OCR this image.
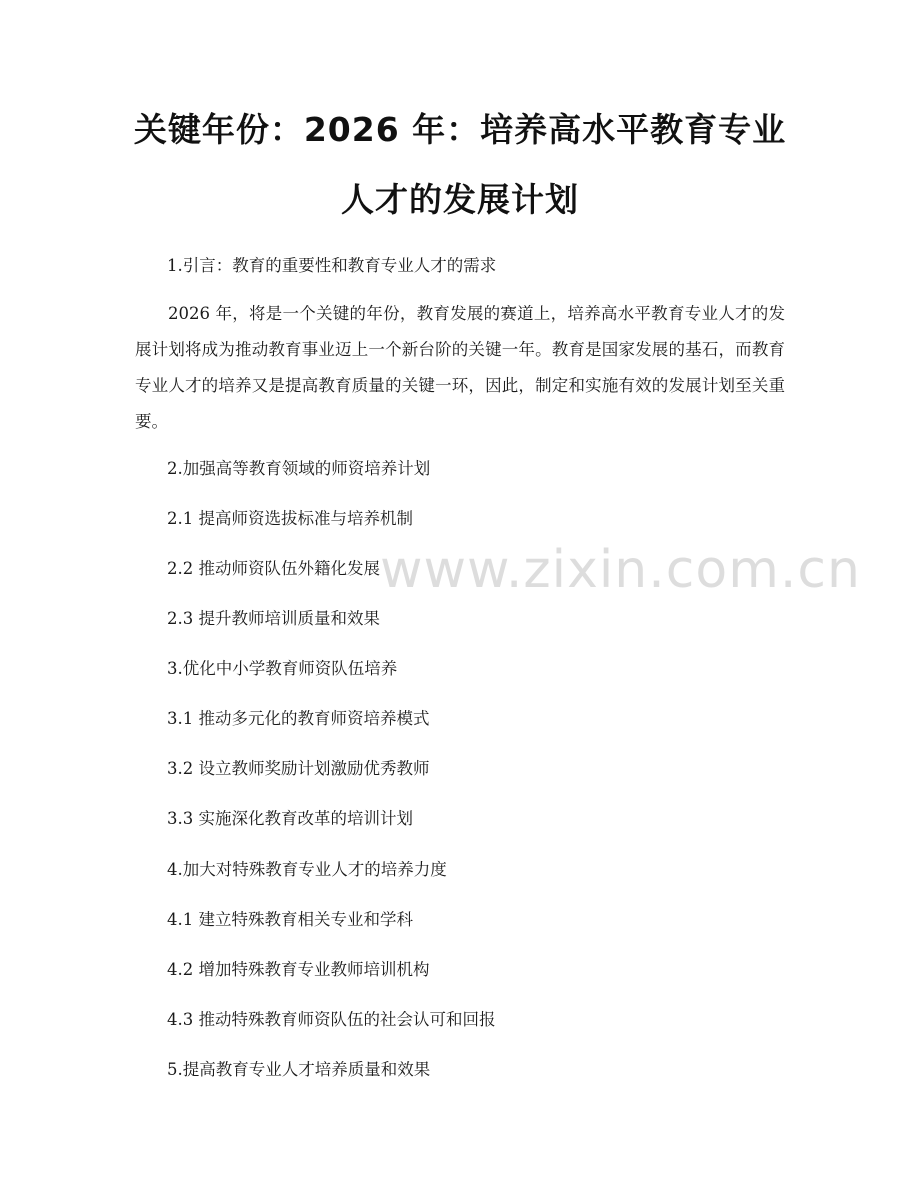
关键年份：2026 年：培养高水平教育专业人才的发展计划
www.zixin.com.cn

1.引言：教育的重要性和教育专业人才的需求

2026 年，将是一个关键的年份，教育发展的赛道上，培养高水平教育专业人才的发展计划将成为推动教育事业迈上一个新台阶的关键一年。教育是国家发展的基石，而教育专业人才的培养又是提高教育质量的关键一环，因此，制定和实施有效的发展计划至关重要。

2.加强高等教育领域的师资培养计划

2.1 提高师资选拔标准与培养机制

2.2 推动师资队伍外籍化发展

2.3 提升教师培训质量和效果

3.优化中小学教育师资队伍培养

3.1 推动多元化的教育师资培养模式

3.2 设立教师奖励计划激励优秀教师

3.3 实施深化教育改革的培训计划

4.加大对特殊教育专业人才的培养力度

4.1 建立特殊教育相关专业和学科

4.2 增加特殊教育专业教师培训机构

4.3 推动特殊教育师资队伍的社会认可和回报

5.提高教育专业人才培养质量和效果
